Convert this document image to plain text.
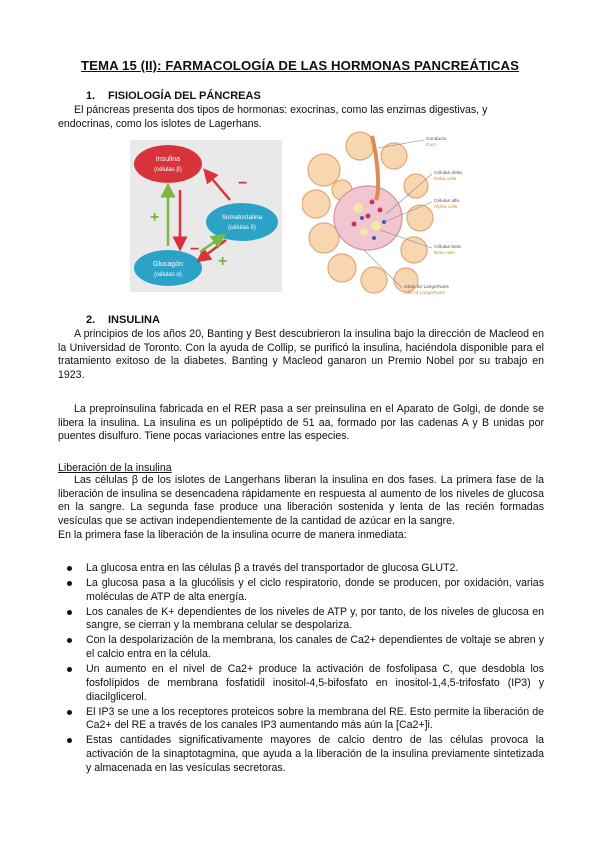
TEMA 15 (II): FARMACOLOGÍA DE LAS HORMONAS PANCREÁTICAS
1. FISIOLOGÍA DEL PÁNCREAS

El páncreas presenta dos tipos de hormonas: exocrinas, como las enzimas digestivas, y endocrinas, como los islotes de Lagerhans.

Insulina
(células β)
Somatostatina
(células δ)
Glucagón
(células α)
−
−
+
+
Conducto
Duct
Células delta
Delta cells
Células alfa
Alpha cells
Células beta
Beta cells
Islote de Langerhans
Islet of Langerhans
2. INSULINA

A principios de los años 20, Banting y Best descubrieron la insulina bajo la dirección de Macleod en la Universidad de Toronto. Con la ayuda de Collip, se purificó la insulina, haciéndola disponible para el tratamiento exitoso de la diabetes. Banting y Macleod ganaron un Premio Nobel por su trabajo en 1923.

La preproinsulina fabricada en el RER pasa a ser preinsulina en el Aparato de Golgi, de donde se libera la insulina. La insulina es un polipéptido de 51 aa, formado por las cadenas A y B unidas por puentes disulfuro. Tiene pocas variaciones entre las especies.

Liberación de la insulina

Las células β de los islotes de Langerhans liberan la insulina en dos fases. La primera fase de la liberación de insulina se desencadena rápidamente en respuesta al aumento de los niveles de glucosa en la sangre. La segunda fase produce una liberación sostenida y lenta de las recién formadas vesículas que se activan independientemente de la cantidad de azúcar en la sangre.

En la primera fase la liberación de la insulina ocurre de manera inmediata:

La glucosa entra en las células β a través del transportador de glucosa GLUT2.
La glucosa pasa a la glucólisis y el ciclo respiratorio, donde se producen, por oxidación, varias moléculas de ATP de alta energía.
Los canales de K+ dependientes de los niveles de ATP y, por tanto, de los niveles de glucosa en sangre, se cierran y la membrana celular se despolariza.
Con la despolarización de la membrana, los canales de Ca2+ dependientes de voltaje se abren y el calcio entra en la célula.
Un aumento en el nivel de Ca2+ produce la activación de fosfolipasa C, que desdobla los fosfolípidos de membrana fosfatidil inositol-4,5-bifosfato en inositol-1,4,5-trifosfato (IP3) y diacilglicerol.
El IP3 se une a los receptores proteicos sobre la membrana del RE. Esto permite la liberación de Ca2+ del RE a través de los canales IP3 aumentando más aún la [Ca2+]i.
Estas cantidades significativamente mayores de calcio dentro de las células provoca la activación de la sinaptotagmina, que ayuda a la liberación de la insulina previamente sintetizada y almacenada en las vesículas secretoras.
